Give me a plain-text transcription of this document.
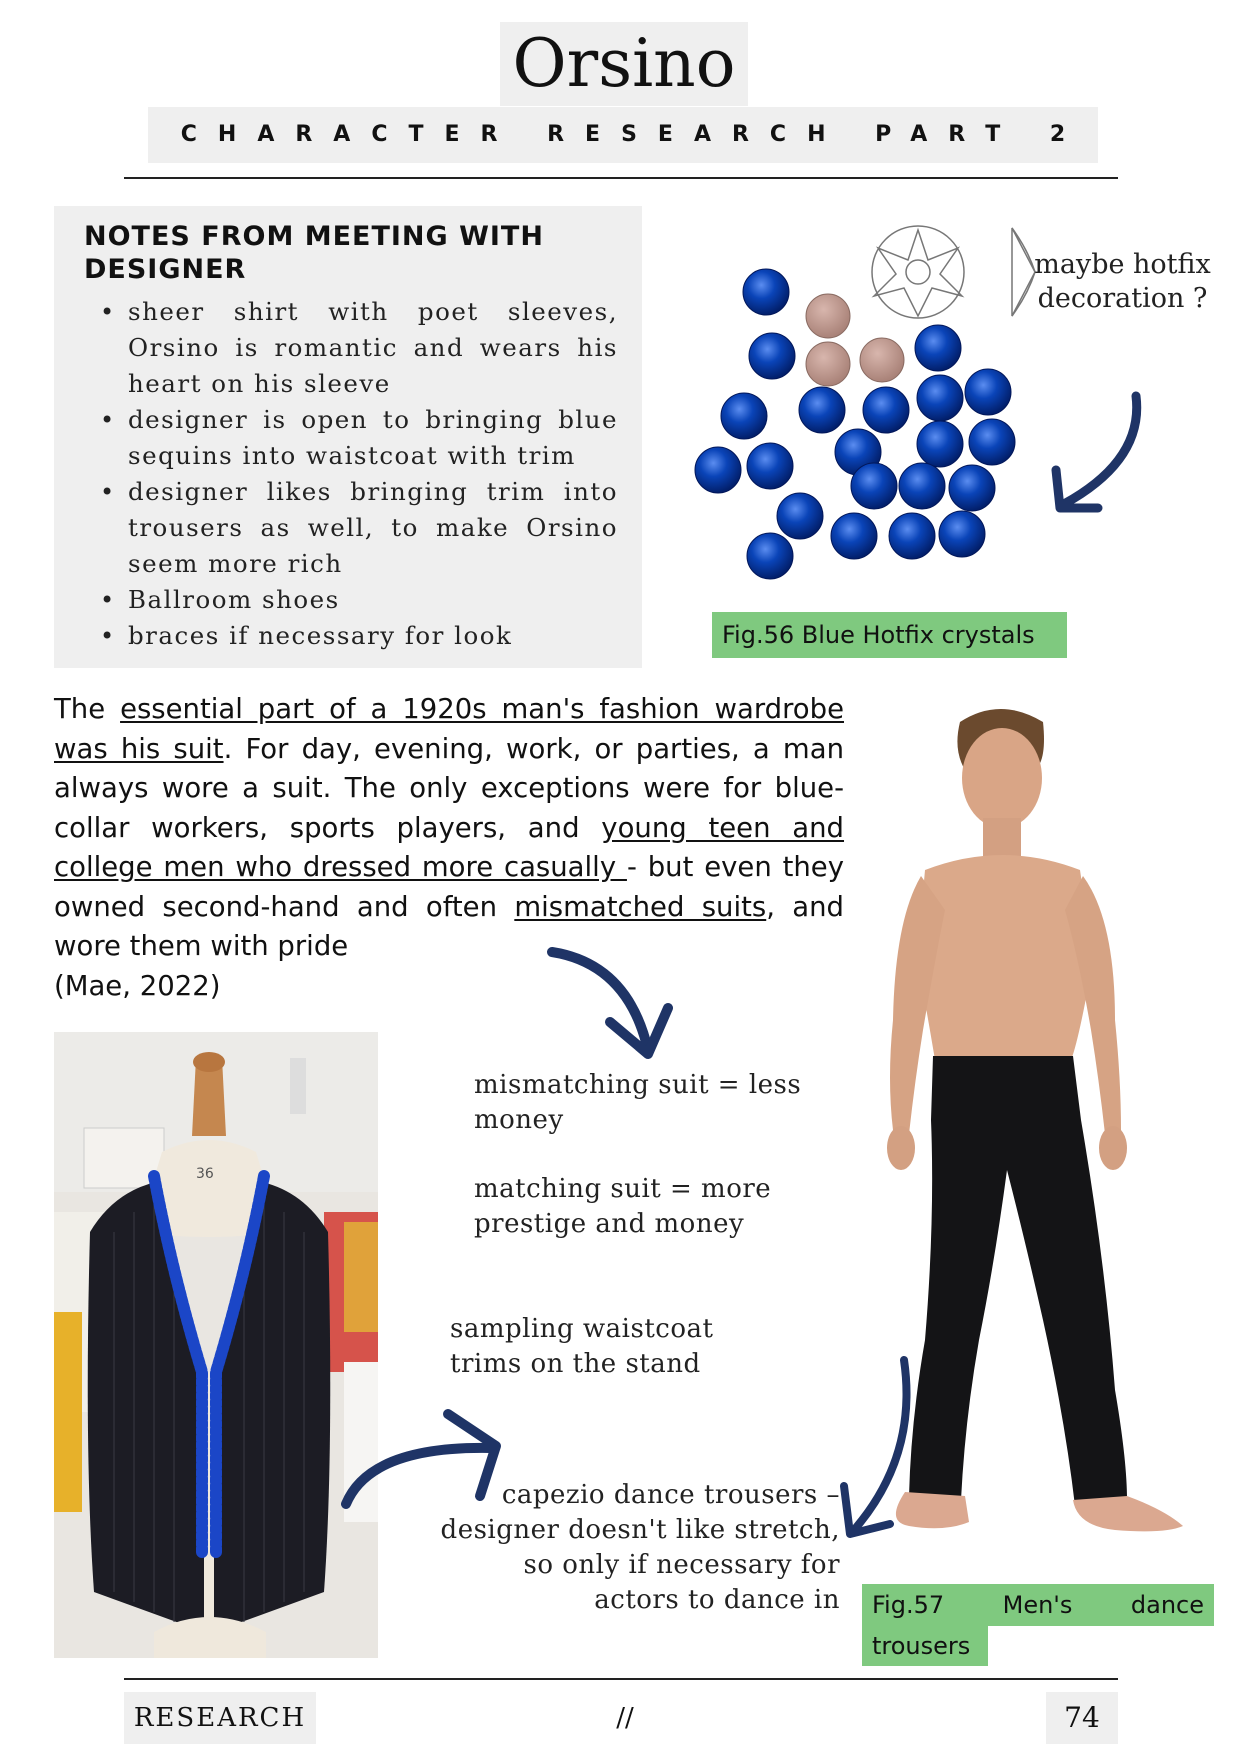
Orsino
CHARACTER RESEARCH PART 2
NOTES FROM MEETING WITH DESIGNER
• sheer shirt with poet sleeves, Orsino is romantic and wears his heart on his sleeve
• designer is open to bringing blue sequins into waistcoat with trim
• designer likes bringing trim into trousers as well, to make Orsino seem more rich
• Ballroom shoes
• braces if necessary for look
maybe hotfix decoration ?
Fig.56 Blue Hotfix crystals
The essential part of a 1920s man's fashion wardrobe was his suit. For day, evening, work, or parties, a man always wore a suit. The only exceptions were for blue-collar workers, sports players, and young teen and college men who dressed more casually - but even they owned second-hand and often mismatched suits, and wore them with pride
(Mae, 2022)
36
mismatching suit = less money
matching suit = more prestige and money
sampling waistcoat trims on the stand
capezio dance trousers – designer doesn't like stretch, so only if necessary for actors to dance in Fig.57 Men's dance
trousers
RESEARCH	//	74
